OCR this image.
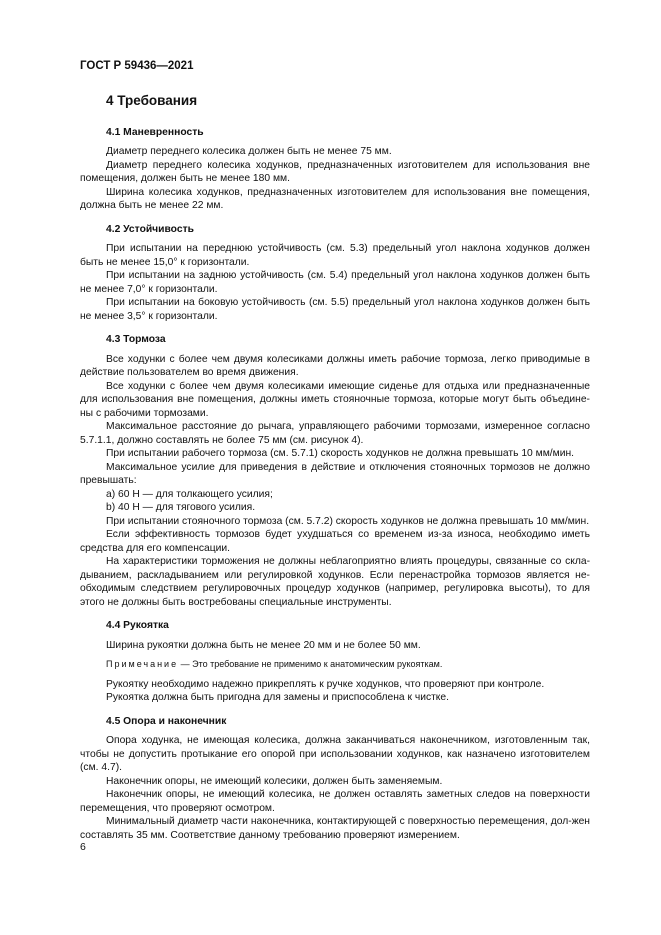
ГОСТ Р 59436—2021
4 Требования
4.1 Маневренность

Диаметр переднего колесика должен быть не менее 75 мм.

Диаметр переднего колесика ходунков, предназначенных изготовителем для использования вне помещения, должен быть не менее 180 мм.

Ширина колесика ходунков, предназначенных изготовителем для использования вне помещения, должна быть не менее 22 мм.

4.2 Устойчивость

При испытании на переднюю устойчивость (см. 5.3) предельный угол наклона ходунков должен быть не менее 15,0° к горизонтали.

При испытании на заднюю устойчивость (см. 5.4) предельный угол наклона ходунков должен быть не менее 7,0° к горизонтали.

При испытании на боковую устойчивость (см. 5.5) предельный угол наклона ходунков должен быть не менее 3,5° к горизонтали.

4.3 Тормоза

Все ходунки с более чем двумя колесиками должны иметь рабочие тормоза, легко приводимые в действие пользователем во время движения.

Все ходунки с более чем двумя колесиками имеющие сиденье для отдыха или предназначенные для использования вне помещения, должны иметь стояночные тормоза, которые могут быть объедине-ны с рабочими тормозами.

Максимальное расстояние до рычага, управляющего рабочими тормозами, измеренное согласно 5.7.1.1, должно составлять не более 75 мм (см. рисунок 4).

При испытании рабочего тормоза (см. 5.7.1) скорость ходунков не должна превышать 10 мм/мин.

Максимальное усилие для приведения в действие и отключения стояночных тормозов не должно превышать:

a) 60 Н — для толкающего усилия;

b) 40 Н — для тягового усилия.

При испытании стояночного тормоза (см. 5.7.2) скорость ходунков не должна превышать 10 мм/мин.

Если эффективность тормозов будет ухудшаться со временем из-за износа, необходимо иметь средства для его компенсации.

На характеристики торможения не должны неблагоприятно влиять процедуры, связанные со скла-дыванием, раскладыванием или регулировкой ходунков. Если перенастройка тормозов является не-обходимым следствием регулировочных процедур ходунков (например, регулировка высоты), то для этого не должны быть востребованы специальные инструменты.

4.4 Рукоятка

Ширина рукоятки должна быть не менее 20 мм и не более 50 мм.

Примечание — Это требование не применимо к анатомическим рукояткам.

Рукоятку необходимо надежно прикреплять к ручке ходунков, что проверяют при контроле.

Рукоятка должна быть пригодна для замены и приспособлена к чистке.

4.5 Опора и наконечник

Опора ходунка, не имеющая колесика, должна заканчиваться наконечником, изготовленным так, чтобы не допустить протыкание его опорой при использовании ходунков, как назначено изготовителем (см. 4.7).

Наконечник опоры, не имеющий колесики, должен быть заменяемым.

Наконечник опоры, не имеющий колесика, не должен оставлять заметных следов на поверхности перемещения, что проверяют осмотром.

Минимальный диаметр части наконечника, контактирующей с поверхностью перемещения, дол-жен составлять 35 мм. Соответствие данному требованию проверяют измерением.

6
